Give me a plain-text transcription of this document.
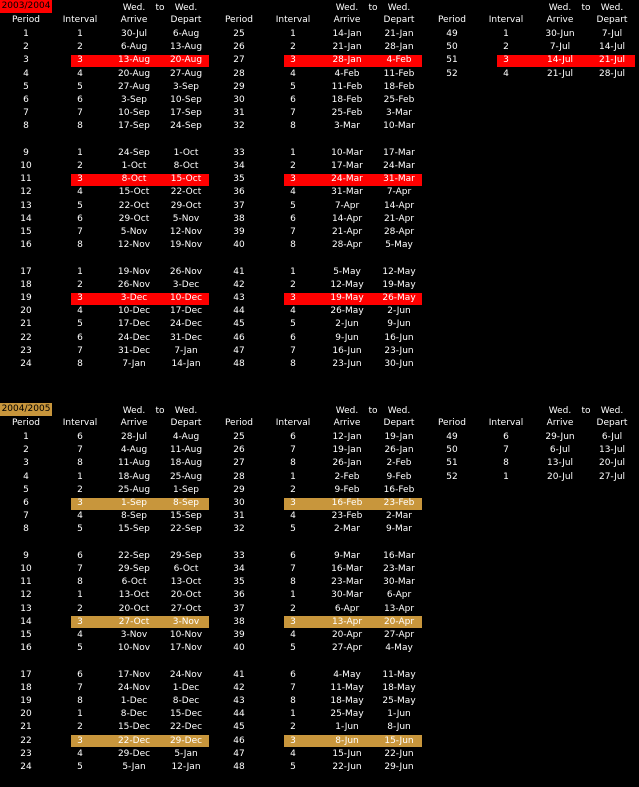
2003/2004	Wed.	to	Wed.
Period	Interval	Arrive	Depart
1	1	30-Jul	6-Aug
2	2	6-Aug	13-Aug
3	3	13-Aug	20-Aug
4	4	20-Aug	27-Aug
5	5	27-Aug	3-Sep
6	6	3-Sep	10-Sep
7	7	10-Sep	17-Sep
8	8	17-Sep	24-Sep
9	1	24-Sep	1-Oct
10	2	1-Oct	8-Oct
11	3	8-Oct	15-Oct
12	4	15-Oct	22-Oct
13	5	22-Oct	29-Oct
14	6	29-Oct	5-Nov
15	7	5-Nov	12-Nov
16	8	12-Nov	19-Nov
17	1	19-Nov	26-Nov
18	2	26-Nov	3-Dec
19	3	3-Dec	10-Dec
20	4	10-Dec	17-Dec
21	5	17-Dec	24-Dec
22	6	24-Dec	31-Dec
23	7	31-Dec	7-Jan
24	8	7-Jan	14-Jan
Wed.	to	Wed.
Period	Interval	Arrive	Depart
25	1	14-Jan	21-Jan
26	2	21-Jan	28-Jan
27	3	28-Jan	4-Feb
28	4	4-Feb	11-Feb
29	5	11-Feb	18-Feb
30	6	18-Feb	25-Feb
31	7	25-Feb	3-Mar
32	8	3-Mar	10-Mar
33	1	10-Mar	17-Mar
34	2	17-Mar	24-Mar
35	3	24-Mar	31-Mar
36	4	31-Mar	7-Apr
37	5	7-Apr	14-Apr
38	6	14-Apr	21-Apr
39	7	21-Apr	28-Apr
40	8	28-Apr	5-May
41	1	5-May	12-May
42	2	12-May	19-May
43	3	19-May	26-May
44	4	26-May	2-Jun
45	5	2-Jun	9-Jun
46	6	9-Jun	16-Jun
47	7	16-Jun	23-Jun
48	8	23-Jun	30-Jun
Wed.	to	Wed.
Period	Interval	Arrive	Depart
49	1	30-Jun	7-Jul
50	2	7-Jul	14-Jul
51	3	14-Jul	21-Jul
52	4	21-Jul	28-Jul
2004/2005	Wed.	to	Wed.
Period	Interval	Arrive	Depart
1	6	28-Jul	4-Aug
2	7	4-Aug	11-Aug
3	8	11-Aug	18-Aug
4	1	18-Aug	25-Aug
5	2	25-Aug	1-Sep
6	3	1-Sep	8-Sep
7	4	8-Sep	15-Sep
8	5	15-Sep	22-Sep
9	6	22-Sep	29-Sep
10	7	29-Sep	6-Oct
11	8	6-Oct	13-Oct
12	1	13-Oct	20-Oct
13	2	20-Oct	27-Oct
14	3	27-Oct	3-Nov
15	4	3-Nov	10-Nov
16	5	10-Nov	17-Nov
17	6	17-Nov	24-Nov
18	7	24-Nov	1-Dec
19	8	1-Dec	8-Dec
20	1	8-Dec	15-Dec
21	2	15-Dec	22-Dec
22	3	22-Dec	29-Dec
23	4	29-Dec	5-Jan
24	5	5-Jan	12-Jan
Wed.	to	Wed.
Period	Interval	Arrive	Depart
25	6	12-Jan	19-Jan
26	7	19-Jan	26-Jan
27	8	26-Jan	2-Feb
28	1	2-Feb	9-Feb
29	2	9-Feb	16-Feb
30	3	16-Feb	23-Feb
31	4	23-Feb	2-Mar
32	5	2-Mar	9-Mar
33	6	9-Mar	16-Mar
34	7	16-Mar	23-Mar
35	8	23-Mar	30-Mar
36	1	30-Mar	6-Apr
37	2	6-Apr	13-Apr
38	3	13-Apr	20-Apr
39	4	20-Apr	27-Apr
40	5	27-Apr	4-May
41	6	4-May	11-May
42	7	11-May	18-May
43	8	18-May	25-May
44	1	25-May	1-Jun
45	2	1-Jun	8-Jun
46	3	8-Jun	15-Jun
47	4	15-Jun	22-Jun
48	5	22-Jun	29-Jun
Wed.	to	Wed.
Period	Interval	Arrive	Depart
49	6	29-Jun	6-Jul
50	7	6-Jul	13-Jul
51	8	13-Jul	20-Jul
52	1	20-Jul	27-Jul
